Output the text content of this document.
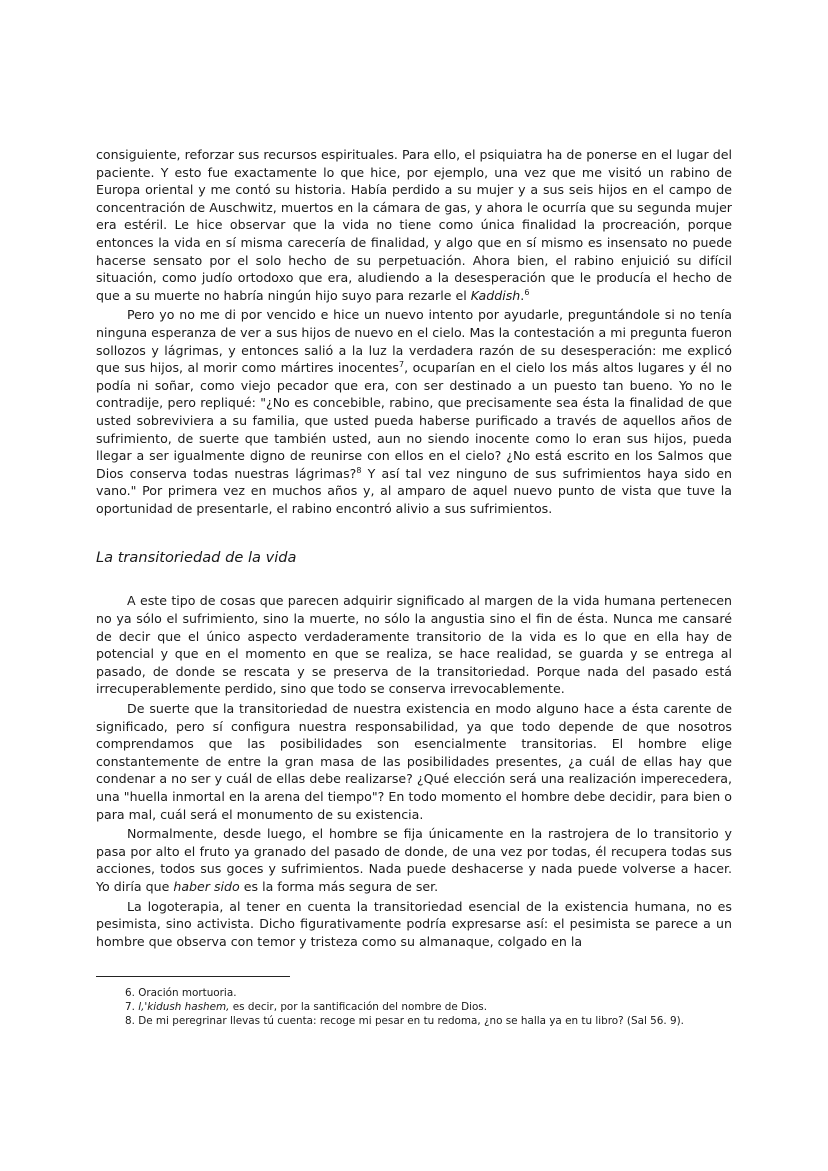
consiguiente, reforzar sus recursos espirituales. Para ello, el psiquiatra ha de ponerse en el lugar del paciente. Y esto fue exactamente lo que hice, por ejemplo, una vez que me visitó un rabino de Europa oriental y me contó su historia. Había perdido a su mujer y a sus seis hijos en el campo de concentración de Auschwitz, muertos en la cámara de gas, y ahora le ocurría que su segunda mujer era estéril. Le hice observar que la vida no tiene como única finalidad la procreación, porque entonces la vida en sí misma carecería de finalidad, y algo que en sí mismo es insensato no puede hacerse sensato por el solo hecho de su perpetuación. Ahora bien, el rabino enjuició su difícil situación, como judío ortodoxo que era, aludiendo a la desesperación que le producía el hecho de que a su muerte no habría ningún hijo suyo para rezarle el Kaddish.$^6$

Pero yo no me di por vencido e hice un nuevo intento por ayudarle, preguntándole si no tenía ninguna esperanza de ver a sus hijos de nuevo en el cielo. Mas la contestación a mi pregunta fueron sollozos y lágrimas, y entonces salió a la luz la verdadera razón de su desesperación: me explicó que sus hijos, al morir como mártires inocentes$^7$, ocuparían en el cielo los más altos lugares y él no podía ni soñar, como viejo pecador que era, con ser destinado a un puesto tan bueno. Yo no le contradije, pero repliqué: "¿No es concebible, rabino, que precisamente sea ésta la finalidad de que usted sobreviviera a su familia, que usted pueda haberse purificado a través de aquellos años de sufrimiento, de suerte que también usted, aun no siendo inocente como lo eran sus hijos, pueda llegar a ser igualmente digno de reunirse con ellos en el cielo? ¿No está escrito en los Salmos que Dios conserva todas nuestras lágrimas?$^8$ Y así tal vez ninguno de sus sufrimientos haya sido en vano." Por primera vez en muchos años y, al amparo de aquel nuevo punto de vista que tuve la oportunidad de presentarle, el rabino encontró alivio a sus sufrimientos.

La transitoriedad de la vida

A este tipo de cosas que parecen adquirir significado al margen de la vida humana pertenecen no ya sólo el sufrimiento, sino la muerte, no sólo la angustia sino el fin de ésta. Nunca me cansaré de decir que el único aspecto verdaderamente transitorio de la vida es lo que en ella hay de potencial y que en el momento en que se realiza, se hace realidad, se guarda y se entrega al pasado, de donde se rescata y se preserva de la transitoriedad. Porque nada del pasado está irrecuperablemente perdido, sino que todo se conserva irrevocablemente.

De suerte que la transitoriedad de nuestra existencia en modo alguno hace a ésta carente de significado, pero sí configura nuestra responsabilidad, ya que todo depende de que nosotros comprendamos que las posibilidades son esencialmente transitorias. El hombre elige constantemente de entre la gran masa de las posibilidades presentes, ¿a cuál de ellas hay que condenar a no ser y cuál de ellas debe realizarse? ¿Qué elección será una realización imperecedera, una "huella inmortal en la arena del tiempo"? En todo momento el hombre debe decidir, para bien o para mal, cuál será el monumento de su existencia.

Normalmente, desde luego, el hombre se fija únicamente en la rastrojera de lo transitorio y pasa por alto el fruto ya granado del pasado de donde, de una vez por todas, él recupera todas sus acciones, todos sus goces y sufrimientos. Nada puede deshacerse y nada puede volverse a hacer. Yo diría que haber sido es la forma más segura de ser.

La logoterapia, al tener en cuenta la transitoriedad esencial de la existencia humana, no es pesimista, sino activista. Dicho figurativamente podría expresarse así: el pesimista se parece a un hombre que observa con temor y tristeza como su almanaque, colgado en la

6. Oración mortuoria.
7. l,'kidush hashem, es decir, por la santificación del nombre de Dios.
8. De mi peregrinar llevas tú cuenta: recoge mi pesar en tu redoma, ¿no se halla ya en tu libro? (Sal 56. 9).
